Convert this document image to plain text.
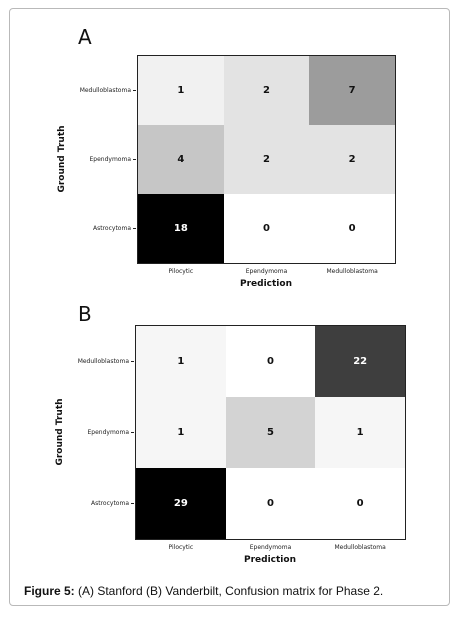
A
Ground Truth
Medulloblastoma
Ependymoma
Astrocytoma
1	2	7
4	2	2
18	0	0
Pilocytic	Ependymoma	Medulloblastoma
Prediction
B
Ground Truth
Medulloblastoma
Ependymoma
Astrocytoma
1	0	22
1	5	1
29	0	0
Pilocytic	Ependymoma	Medulloblastoma
Prediction
Figure 5: (A) Stanford (B) Vanderbilt, Confusion matrix for Phase 2.
